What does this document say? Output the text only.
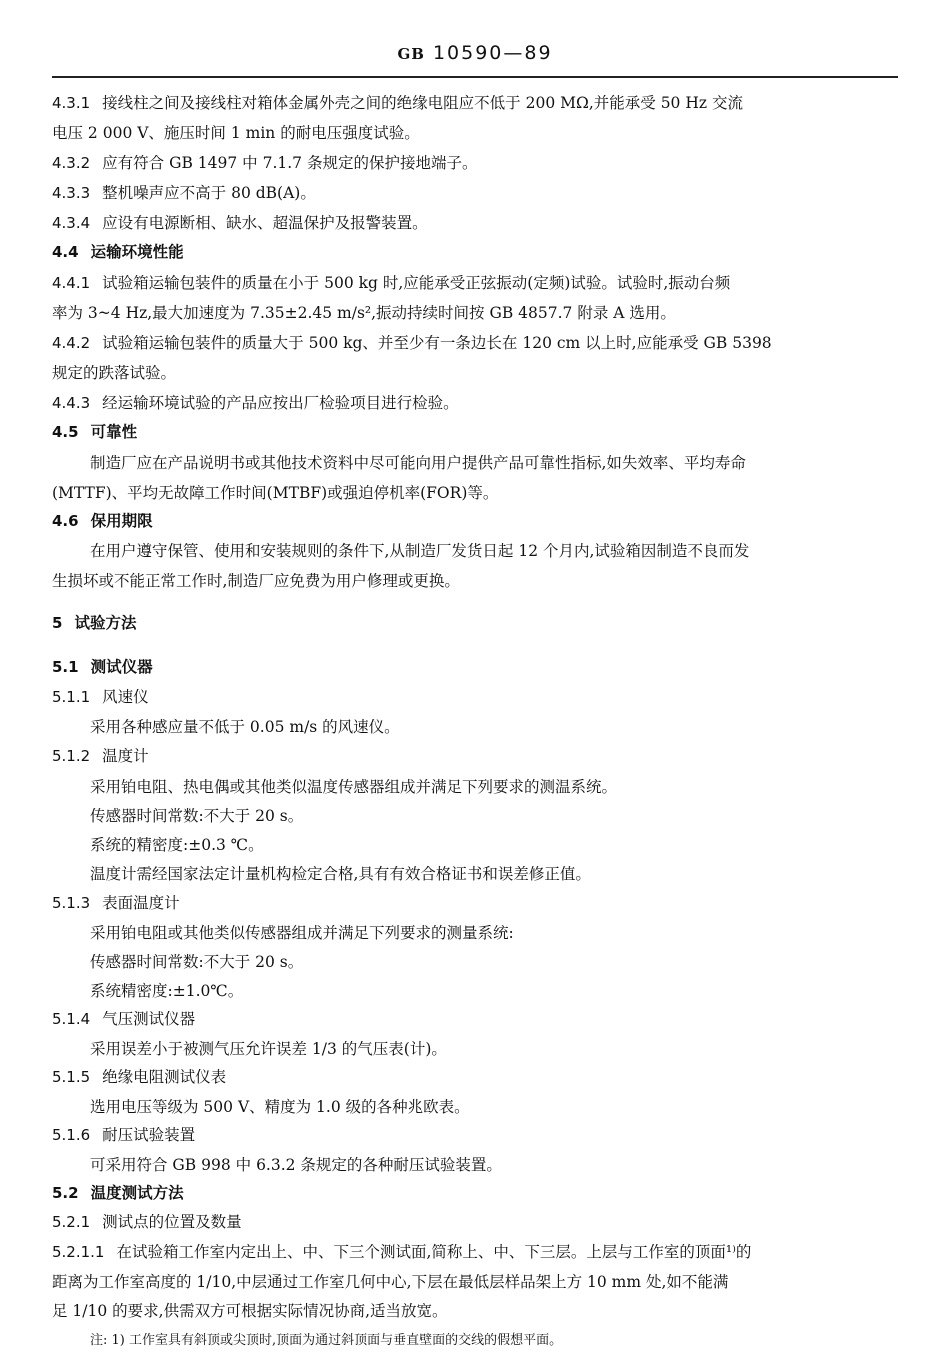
GB 10590—89
4.3.1 接线柱之间及接线柱对箱体金属外壳之间的绝缘电阻应不低于 200 MΩ,并能承受 50 Hz 交流
电压 2 000 V、施压时间 1 min 的耐电压强度试验。
4.3.2 应有符合 GB 1497 中 7.1.7 条规定的保护接地端子。
4.3.3 整机噪声应不高于 80 dB(A)。
4.3.4 应设有电源断相、缺水、超温保护及报警装置。
4.4 运输环境性能
4.4.1 试验箱运输包装件的质量在小于 500 kg 时,应能承受正弦振动(定频)试验。试验时,振动台频
率为 3~4 Hz,最大加速度为 7.35±2.45 m/s²,振动持续时间按 GB 4857.7 附录 A 选用。
4.4.2 试验箱运输包装件的质量大于 500 kg、并至少有一条边长在 120 cm 以上时,应能承受 GB 5398
规定的跌落试验。
4.4.3 经运输环境试验的产品应按出厂检验项目进行检验。
4.5 可靠性
制造厂应在产品说明书或其他技术资料中尽可能向用户提供产品可靠性指标,如失效率、平均寿命
(MTTF)、平均无故障工作时间(MTBF)或强迫停机率(FOR)等。
4.6 保用期限
在用户遵守保管、使用和安装规则的条件下,从制造厂发货日起 12 个月内,试验箱因制造不良而发
生损坏或不能正常工作时,制造厂应免费为用户修理或更换。
5 试验方法
5.1 测试仪器
5.1.1 风速仪
采用各种感应量不低于 0.05 m/s 的风速仪。
5.1.2 温度计
采用铂电阻、热电偶或其他类似温度传感器组成并满足下列要求的测温系统。
传感器时间常数:不大于 20 s。
系统的精密度:±0.3 ℃。
温度计需经国家法定计量机构检定合格,具有有效合格证书和误差修正值。
5.1.3 表面温度计
采用铂电阻或其他类似传感器组成并满足下列要求的测量系统:
传感器时间常数:不大于 20 s。
系统精密度:±1.0℃。
5.1.4 气压测试仪器
采用误差小于被测气压允许误差 1/3 的气压表(计)。
5.1.5 绝缘电阻测试仪表
选用电压等级为 500 V、精度为 1.0 级的各种兆欧表。
5.1.6 耐压试验装置
可采用符合 GB 998 中 6.3.2 条规定的各种耐压试验装置。
5.2 温度测试方法
5.2.1 测试点的位置及数量
5.2.1.1 在试验箱工作室内定出上、中、下三个测试面,简称上、中、下三层。上层与工作室的顶面¹⁾的
距离为工作室高度的 1/10,中层通过工作室几何中心,下层在最低层样品架上方 10 mm 处,如不能满
足 1/10 的要求,供需双方可根据实际情况协商,适当放宽。
注: 1) 工作室具有斜顶或尖顶时,顶面为通过斜顶面与垂直壁面的交线的假想平面。
